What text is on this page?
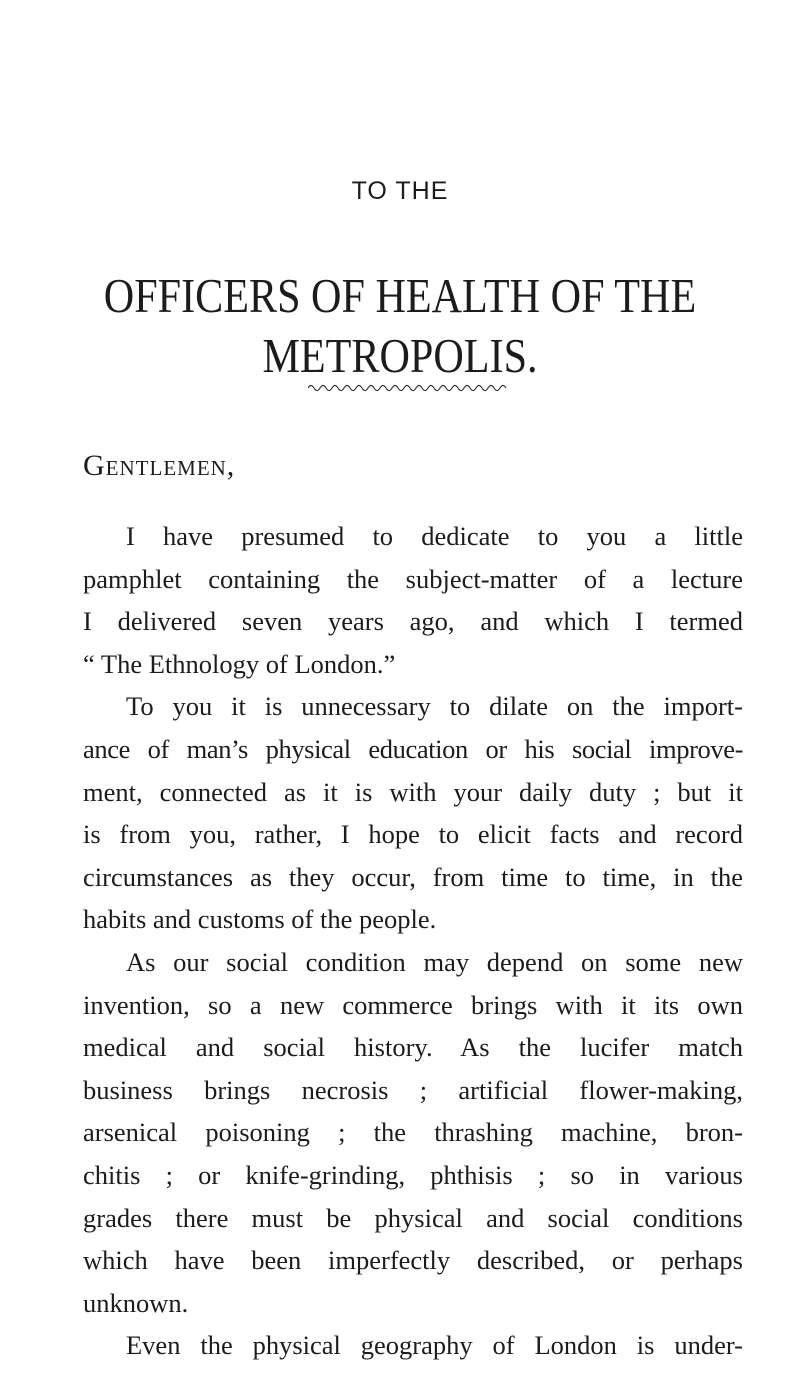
TO THE
OFFICERS OF HEALTH OF THE METROPOLIS.
Gentlemen,

I have presumed to dedicate to you a little
pamphlet containing the subject-matter of a lecture
I delivered seven years ago, and which I termed
“ The Ethnology of London.”

To you it is unnecessary to dilate on the import-
ance of man’s physical education or his social improve-
ment, connected as it is with your daily duty ; but it
is from you, rather, I hope to elicit facts and record
circumstances as they occur, from time to time, in the
habits and customs of the people.

As our social condition may depend on some new
invention, so a new commerce brings with it its own
medical and social history. As the lucifer match
business brings necrosis ; artificial flower-making,
arsenical poisoning ; the thrashing machine, bron-
chitis ; or knife-grinding, phthisis ; so in various
grades there must be physical and social conditions
which have been imperfectly described, or perhaps
unknown.

Even the physical geography of London is under-
